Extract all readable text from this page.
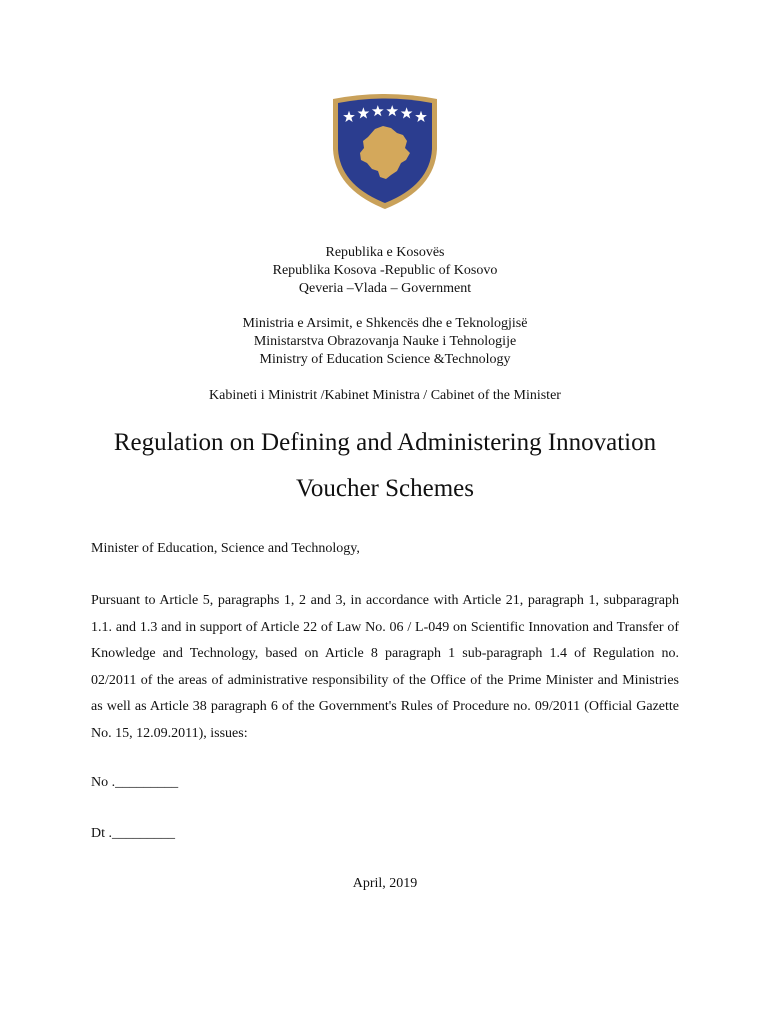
Republika e Kosovës
Republika Kosova -Republic of Kosovo
Qeveria –Vlada – Government
Ministria e Arsimit, e Shkencës dhe e Teknologjisë
Ministarstva Obrazovanja Nauke i Tehnologije
Ministry of Education Science &Technology
Kabineti i Ministrit /Kabinet Ministra / Cabinet of the Minister
Regulation on Defining and Administering Innovation
Voucher Schemes
Minister of Education, Science and Technology,
Pursuant to Article 5, paragraphs 1, 2 and 3, in accordance with Article 21, paragraph 1, subparagraph 1.1. and 1.3 and in support of Article 22 of Law No. 06 / L-049 on Scientific Innovation and Transfer of Knowledge and Technology, based on Article 8 paragraph 1 sub-paragraph 1.4 of Regulation no. 02/2011 of the areas of administrative responsibility of the Office of the Prime Minister and Ministries as well as Article 38 paragraph 6 of the Government's Rules of Procedure no. 09/2011 (Official Gazette No. 15, 12.09.2011), issues:
No ._________
Dt ._________
April, 2019
